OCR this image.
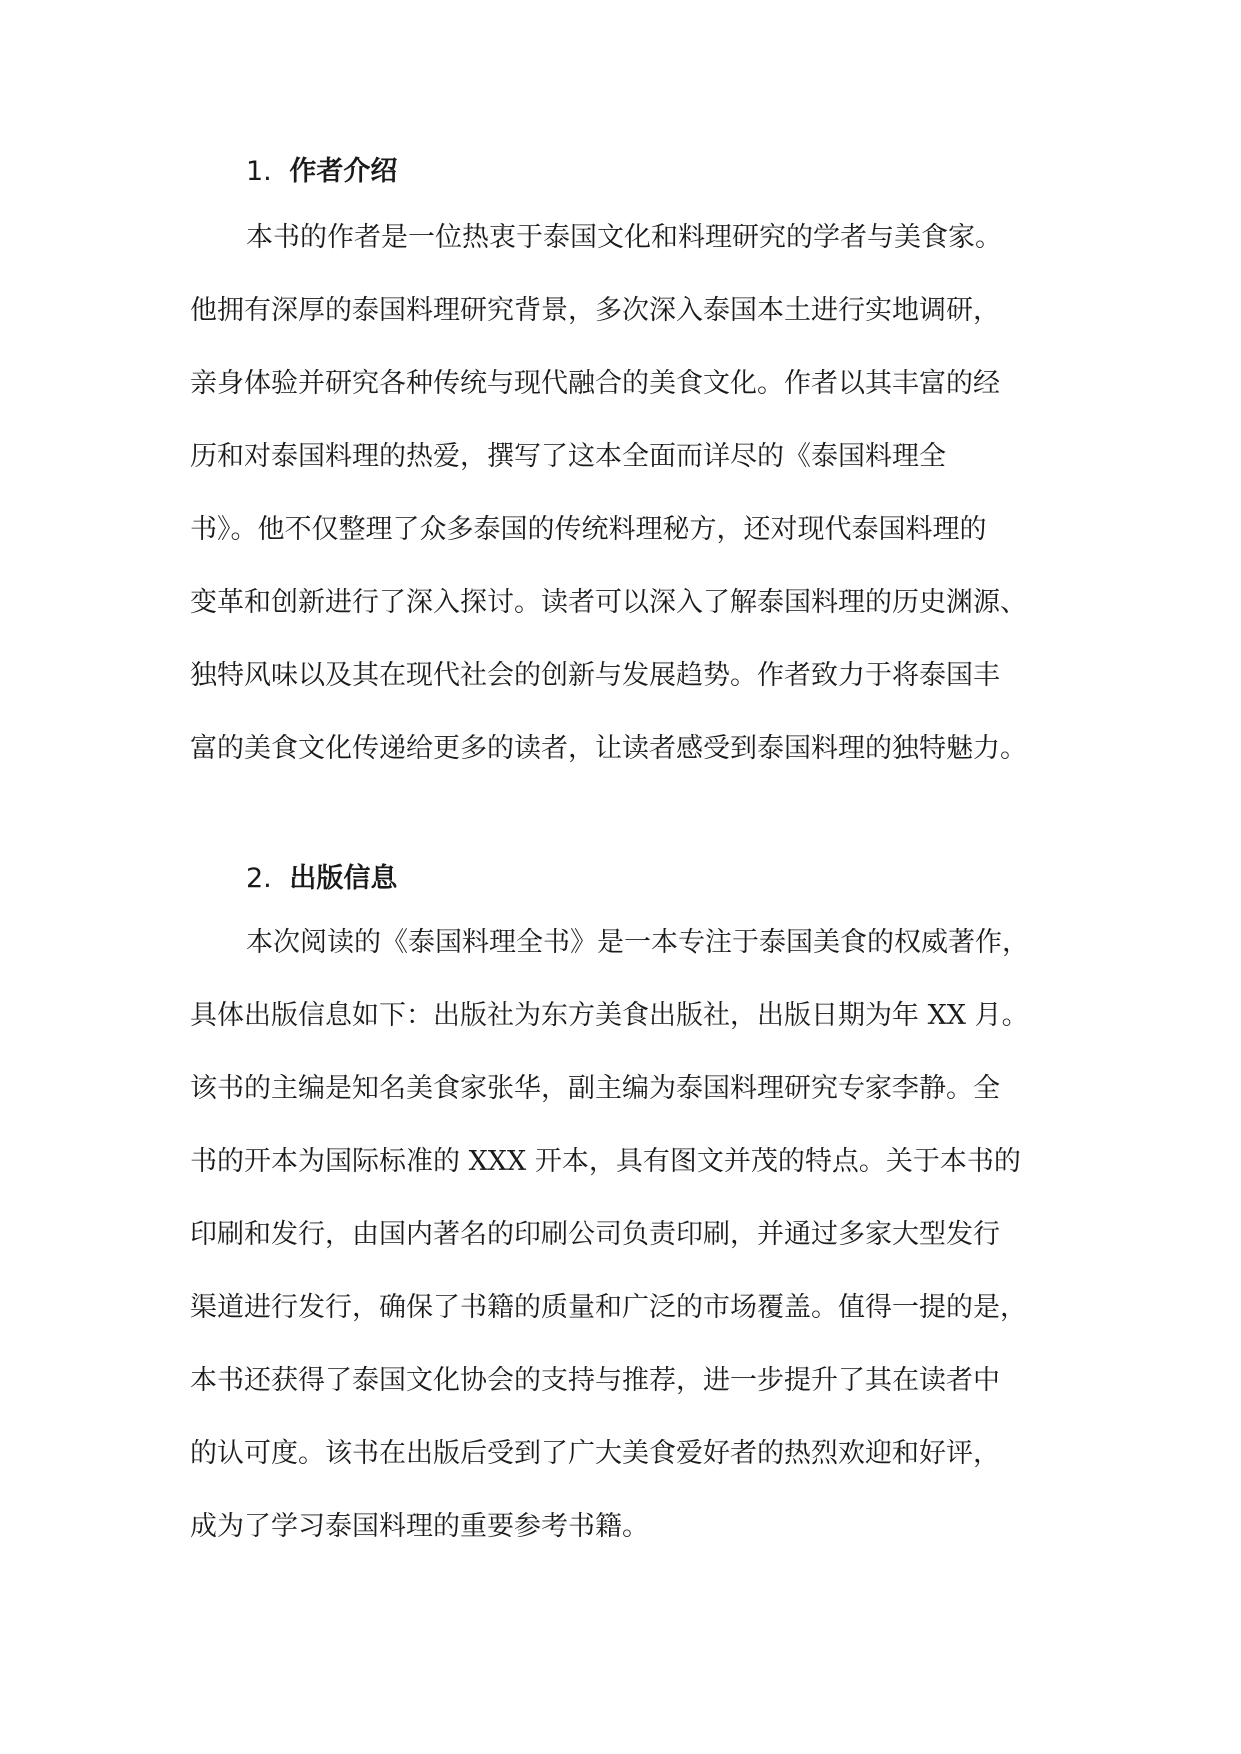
1. 作者介绍
本书的作者是一位热衷于泰国文化和料理研究的学者与美食家。
他拥有深厚的泰国料理研究背景，多次深入泰国本土进行实地调研，
亲身体验并研究各种传统与现代融合的美食文化。作者以其丰富的经
历和对泰国料理的热爱，撰写了这本全面而详尽的《泰国料理全
书》。他不仅整理了众多泰国的传统料理秘方，还对现代泰国料理的
变革和创新进行了深入探讨。读者可以深入了解泰国料理的历史渊源、
独特风味以及其在现代社会的创新与发展趋势。作者致力于将泰国丰
富的美食文化传递给更多的读者，让读者感受到泰国料理的独特魅力。
2. 出版信息
本次阅读的《泰国料理全书》是一本专注于泰国美食的权威著作，
具体出版信息如下：出版社为东方美食出版社，出版日期为年 XX 月。
该书的主编是知名美食家张华，副主编为泰国料理研究专家李静。全
书的开本为国际标准的 XXX 开本，具有图文并茂的特点。关于本书的
印刷和发行，由国内著名的印刷公司负责印刷，并通过多家大型发行
渠道进行发行，确保了书籍的质量和广泛的市场覆盖。值得一提的是，
本书还获得了泰国文化协会的支持与推荐，进一步提升了其在读者中
的认可度。该书在出版后受到了广大美食爱好者的热烈欢迎和好评，
成为了学习泰国料理的重要参考书籍。
